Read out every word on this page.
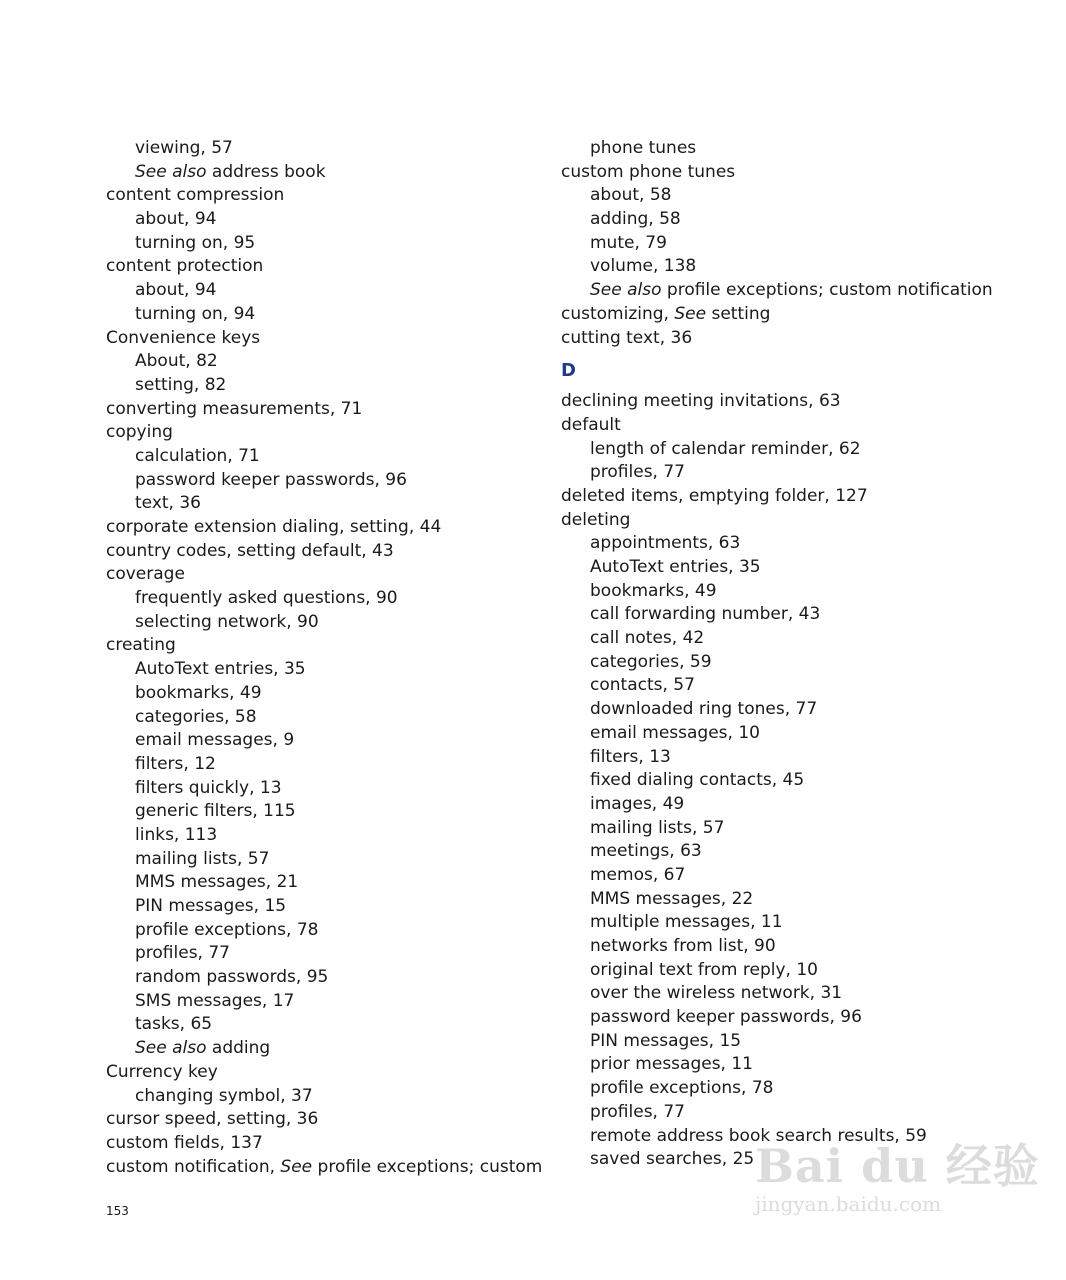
viewing, 57
See also address book
content compression
about, 94
turning on, 95
content protection
about, 94
turning on, 94
Convenience keys
About, 82
setting, 82
converting measurements, 71
copying
calculation, 71
password keeper passwords, 96
text, 36
corporate extension dialing, setting, 44
country codes, setting default, 43
coverage
frequently asked questions, 90
selecting network, 90
creating
AutoText entries, 35
bookmarks, 49
categories, 58
email messages, 9
filters, 12
filters quickly, 13
generic filters, 115
links, 113
mailing lists, 57
MMS messages, 21
PIN messages, 15
profile exceptions, 78
profiles, 77
random passwords, 95
SMS messages, 17
tasks, 65
See also adding
Currency key
changing symbol, 37
cursor speed, setting, 36
custom fields, 137
custom notification, See profile exceptions; custom
phone tunes
custom phone tunes
about, 58
adding, 58
mute, 79
volume, 138
See also profile exceptions; custom notification
customizing, See setting
cutting text, 36
D
declining meeting invitations, 63
default
length of calendar reminder, 62
profiles, 77
deleted items, emptying folder, 127
deleting
appointments, 63
AutoText entries, 35
bookmarks, 49
call forwarding number, 43
call notes, 42
categories, 59
contacts, 57
downloaded ring tones, 77
email messages, 10
filters, 13
fixed dialing contacts, 45
images, 49
mailing lists, 57
meetings, 63
memos, 67
MMS messages, 22
multiple messages, 11
networks from list, 90
original text from reply, 10
over the wireless network, 31
password keeper passwords, 96
PIN messages, 15
prior messages, 11
profile exceptions, 78
profiles, 77
remote address book search results, 59
saved searches, 25
153
Bai du 经验
jingyan.baidu.com
